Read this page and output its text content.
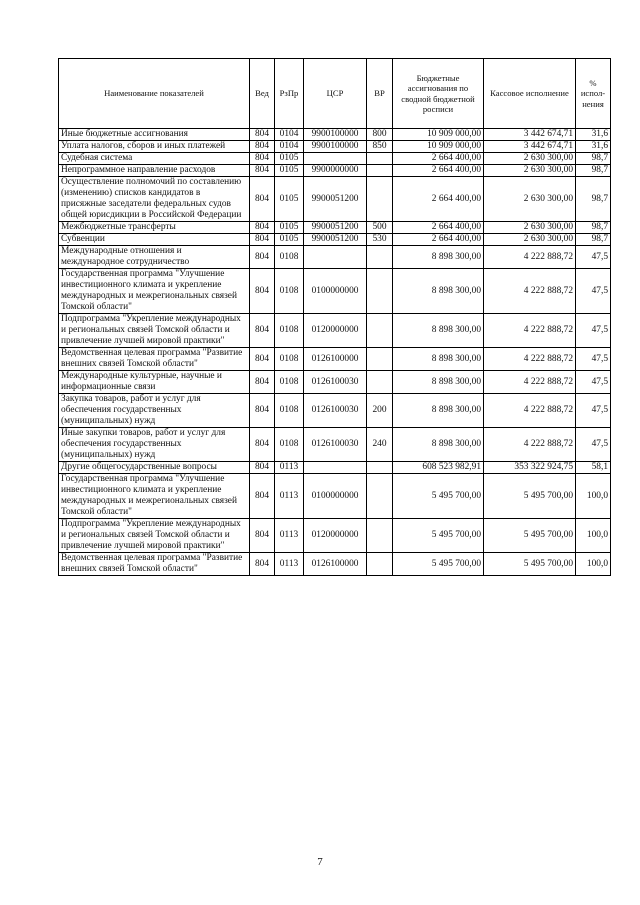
Наименование показателей	Вед	РзПр	ЦСР	ВР	Бюджетные ассигнования по сводной бюджетной росписи	Кассовое исполнение	% испол-нения
Иные бюджетные ассигнования	804	0104	9900100000	800	10 909 000,00	3 442 674,71	31,6
Уплата налогов, сборов и иных платежей	804	0104	9900100000	850	10 909 000,00	3 442 674,71	31,6
Судебная система	804	0105			2 664 400,00	2 630 300,00	98,7
Непрограммное направление расходов	804	0105	9900000000		2 664 400,00	2 630 300,00	98,7
Осуществление полномочий по составлению (изменению) списков кандидатов в присяжные заседатели федеральных судов общей юрисдикции в Российской Федерации	804	0105	9900051200		2 664 400,00	2 630 300,00	98,7
Межбюджетные трансферты	804	0105	9900051200	500	2 664 400,00	2 630 300,00	98,7
Субвенции	804	0105	9900051200	530	2 664 400,00	2 630 300,00	98,7
Международные отношения и международное сотрудничество	804	0108			8 898 300,00	4 222 888,72	47,5
Государственная программа "Улучшение инвестиционного климата и укрепление международных и межрегиональных связей Томской области"	804	0108	0100000000		8 898 300,00	4 222 888,72	47,5
Подпрограмма "Укрепление международных и региональных связей Томской области и привлечение лучшей мировой практики"	804	0108	0120000000		8 898 300,00	4 222 888,72	47,5
Ведомственная целевая программа "Развитие внешних связей Томской области"	804	0108	0126100000		8 898 300,00	4 222 888,72	47,5
Международные культурные, научные и информационные связи	804	0108	0126100030		8 898 300,00	4 222 888,72	47,5
Закупка товаров, работ и услуг для обеспечения государственных (муниципальных) нужд	804	0108	0126100030	200	8 898 300,00	4 222 888,72	47,5
Иные закупки товаров, работ и услуг для обеспечения государственных (муниципальных) нужд	804	0108	0126100030	240	8 898 300,00	4 222 888,72	47,5
Другие общегосударственные вопросы	804	0113			608 523 982,91	353 322 924,75	58,1
Государственная программа "Улучшение инвестиционного климата и укрепление международных и межрегиональных связей Томской области"	804	0113	0100000000		5 495 700,00	5 495 700,00	100,0
Подпрограмма "Укрепление международных и региональных связей Томской области и привлечение лучшей мировой практики"	804	0113	0120000000		5 495 700,00	5 495 700,00	100,0
Ведомственная целевая программа "Развитие внешних связей Томской области"	804	0113	0126100000		5 495 700,00	5 495 700,00	100,0
7
